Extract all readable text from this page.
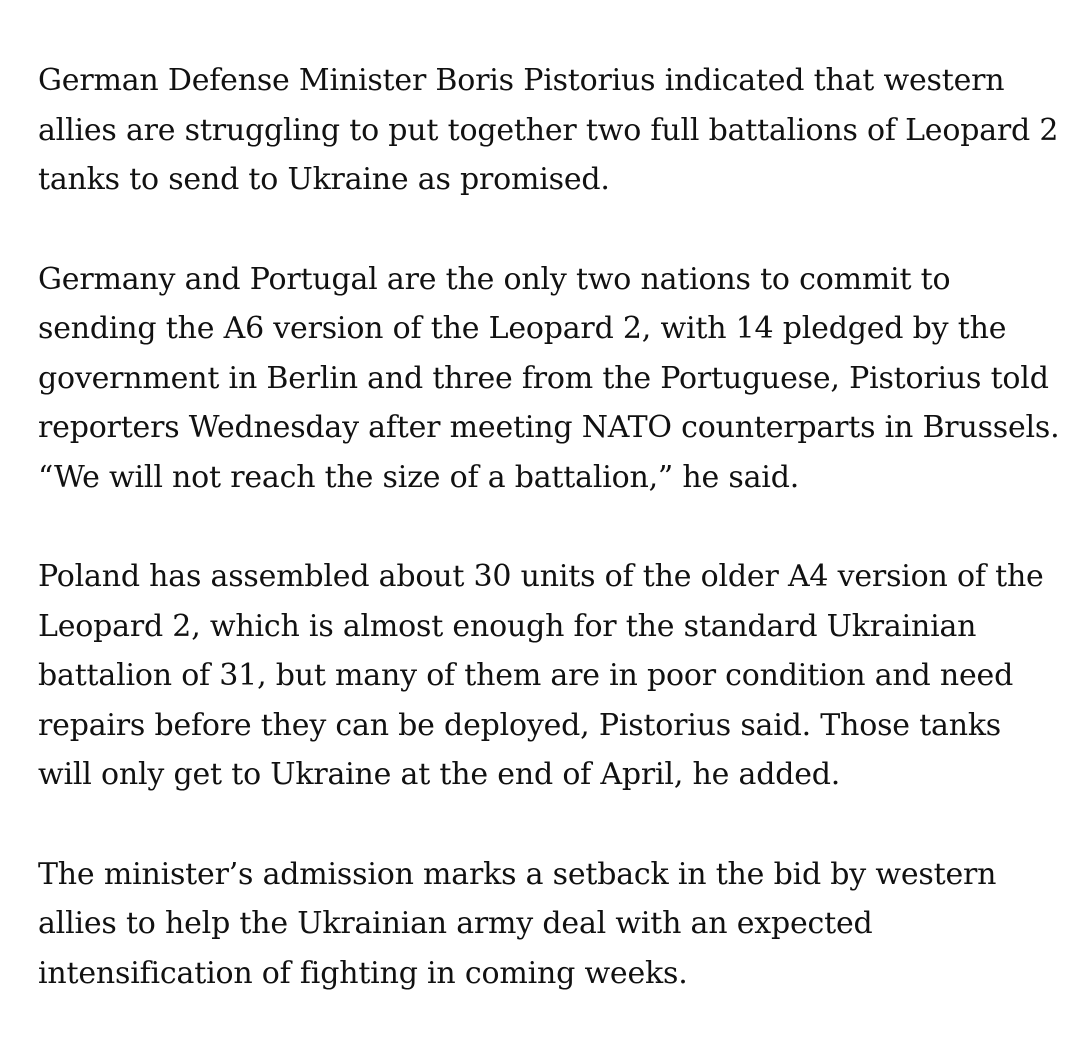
German Defense Minister Boris Pistorius indicated that western
allies are struggling to put together two full battalions of Leopard 2
tanks to send to Ukraine as promised.

Germany and Portugal are the only two nations to commit to
sending the A6 version of the Leopard 2, with 14 pledged by the
government in Berlin and three from the Portuguese, Pistorius told
reporters Wednesday after meeting NATO counterparts in Brussels.
“We will not reach the size of a battalion,” he said.

Poland has assembled about 30 units of the older A4 version of the
Leopard 2, which is almost enough for the standard Ukrainian
battalion of 31, but many of them are in poor condition and need
repairs before they can be deployed, Pistorius said. Those tanks
will only get to Ukraine at the end of April, he added.

The minister’s admission marks a setback in the bid by western
allies to help the Ukrainian army deal with an expected
intensification of fighting in coming weeks.
